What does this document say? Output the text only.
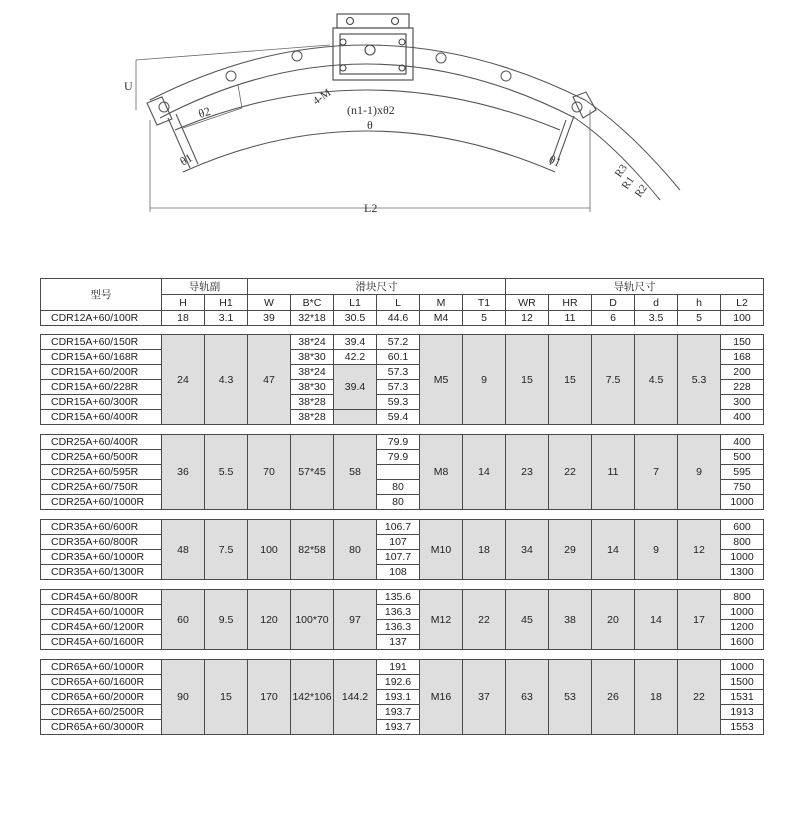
U
4-M
(n1-1)xθ2
θ
θ2
θ1	θ1
R3
R1
R2
L2
型号	导轨副		滑块尺寸						导轨尺寸					
	H	H1	W	B*C	L1	L	M	T1	WR	HR	D	d	h	L2
CDR12A+60/100R	18	3.1	39	32*18	30.5	44.6	M4	5	12	11	6	3.5	5	100

CDR15A+60/150R	24	4.3	47	38*24	39.4	57.2	M5	9	15	15	7.5	4.5	5.3	150
CDR15A+60/168R				38*30	42.2	60.1								168
CDR15A+60/200R				38*24	39.4	57.3								200
CDR15A+60/228R				38*30		57.3								228
CDR15A+60/300R				38*28		59.3								300
CDR15A+60/400R				38*28		59.4								400

CDR25A+60/400R	36	5.5	70	57*45	58	79.9	M8	14	23	22	11	7	9	400
CDR25A+60/500R						79.9								500
CDR25A+60/595R														595
CDR25A+60/750R						80								750
CDR25A+60/1000R						80								1000

CDR35A+60/600R	48	7.5	100	82*58	80	106.7	M10	18	34	29	14	9	12	600
CDR35A+60/800R						107								800
CDR35A+60/1000R						107.7								1000
CDR35A+60/1300R						108								1300

CDR45A+60/800R	60	9.5	120	100*70	97	135.6	M12	22	45	38	20	14	17	800
CDR45A+60/1000R						136.3								1000
CDR45A+60/1200R						136.3								1200
CDR45A+60/1600R						137								1600

CDR65A+60/1000R	90	15	170	142*106	144.2	191	M16	37	63	53	26	18	22	1000
CDR65A+60/1600R						192.6								1500
CDR65A+60/2000R						193.1								1531
CDR65A+60/2500R						193.7								1913
CDR65A+60/3000R						193.7								1553
